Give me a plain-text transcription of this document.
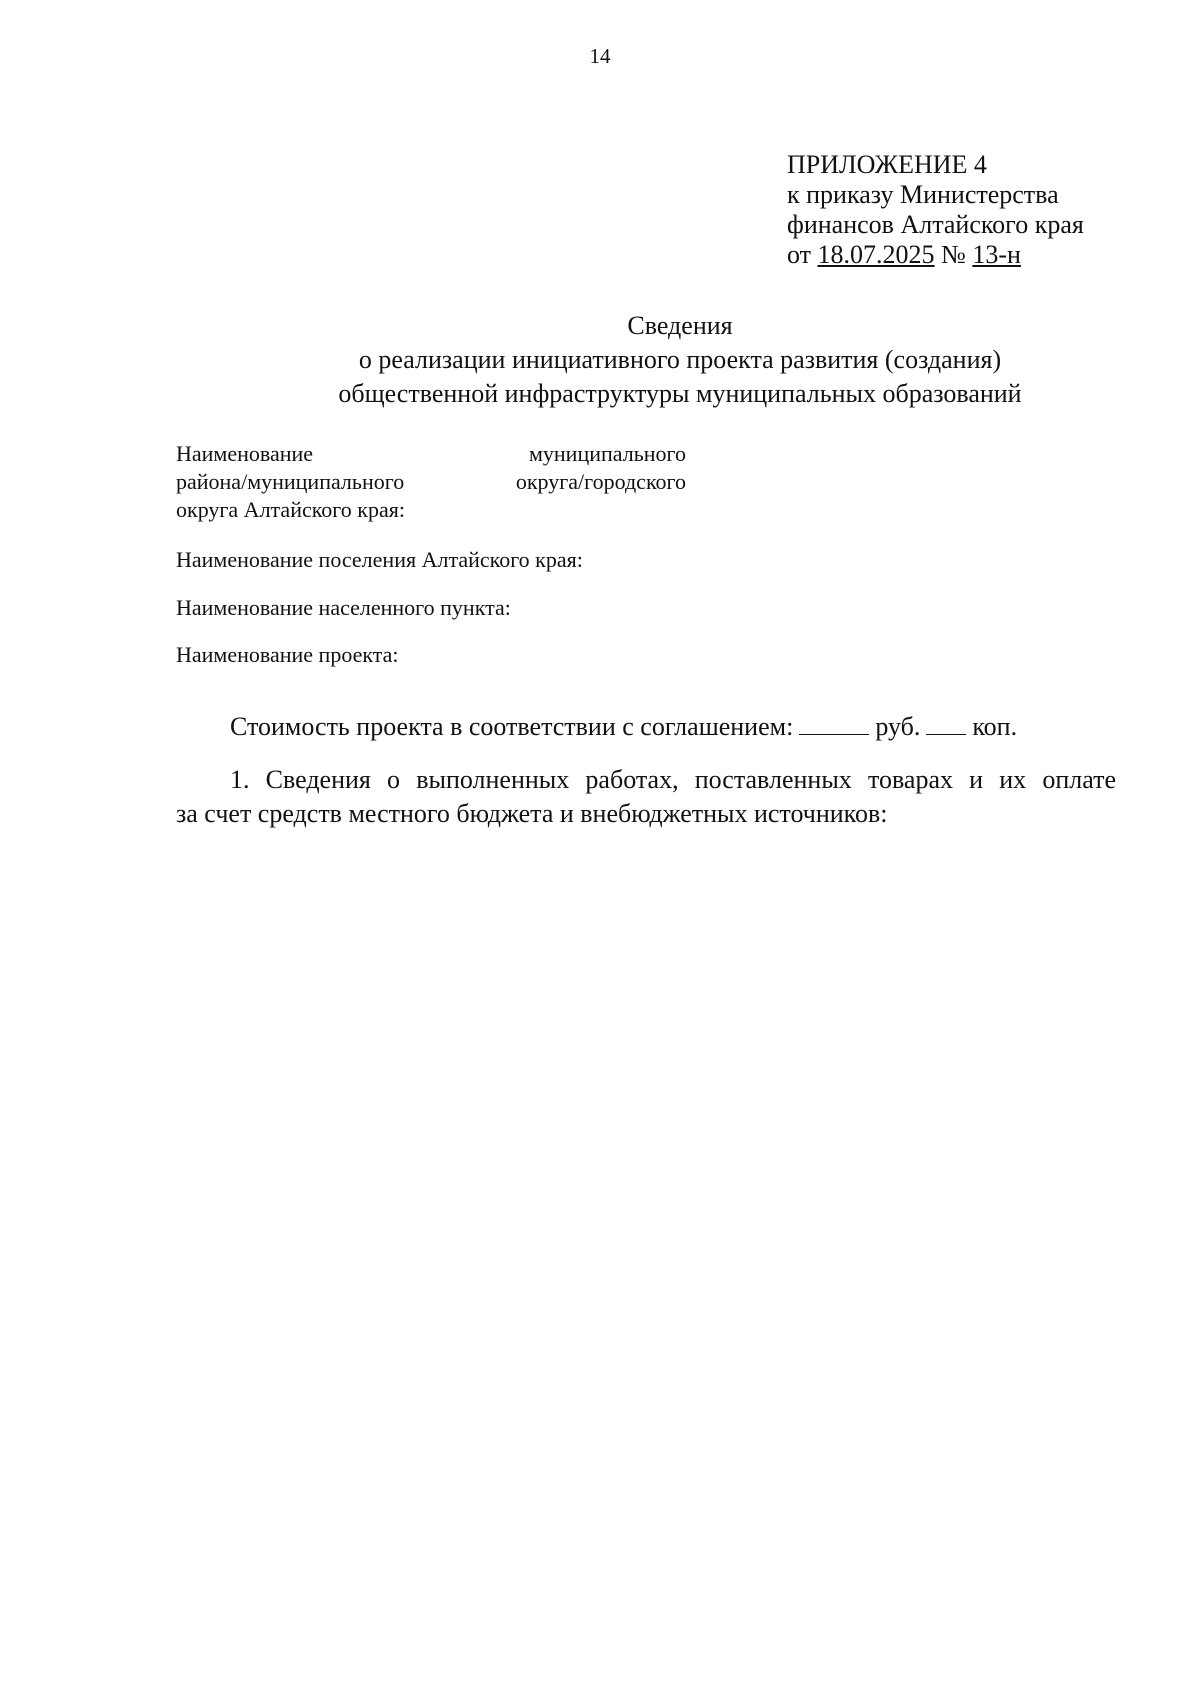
14
ПРИЛОЖЕНИЕ 4
к приказу Министерства
финансов Алтайского края
от 18.07.2025 № 13-н
Сведения
о реализации инициативного проекта развития (создания)
общественной инфраструктуры муниципальных образований
Наименование	муниципального
района/муниципального	округа/городского
округа Алтайского края:
Наименование поселения Алтайского края:
Наименование населенного пункта:
Наименование проекта:
Стоимость проекта в соответствии с соглашением:	руб. коп.
1. Сведения о выполненных работах, поставленных товарах и их оплате
за счет средств местного бюджета и внебюджетных источников:
